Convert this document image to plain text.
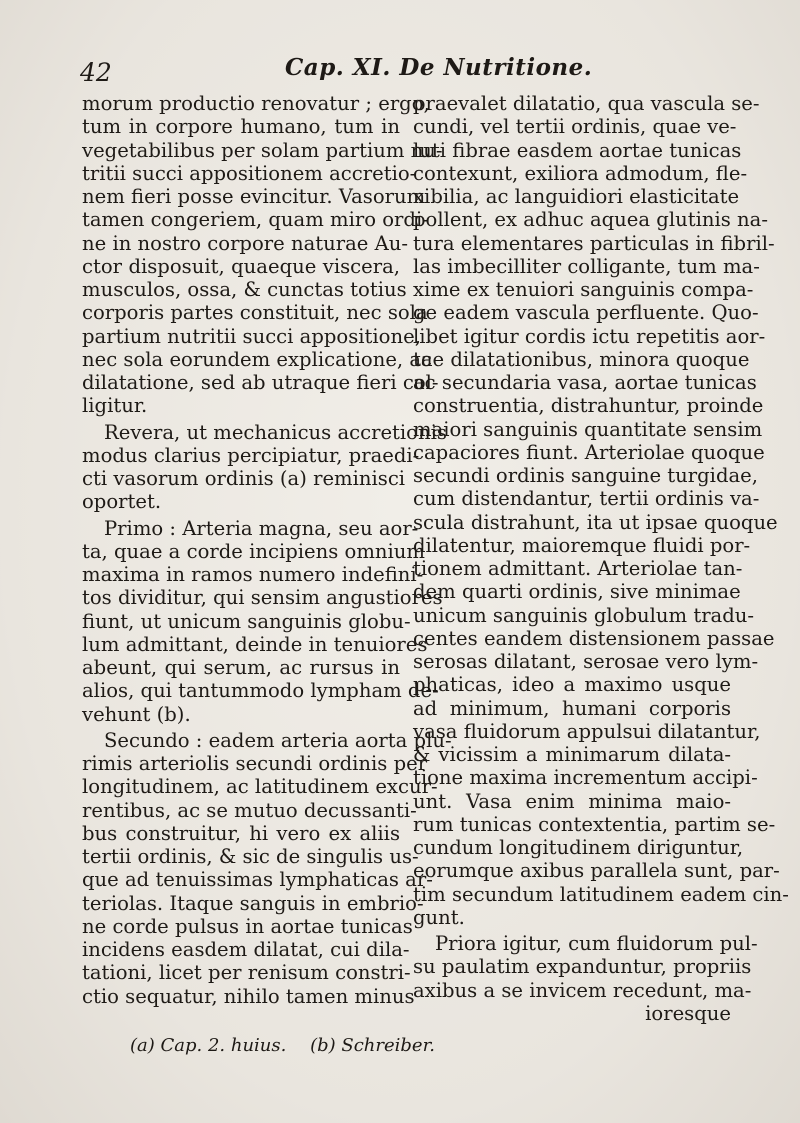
42	Cap. XI. De Nutritione.
morum productio renovatur ; ergo,
tum in corpore humano, tum in
vegetabilibus per solam partium nu-
tritii succi appositionem accretio-
nem fieri posse evincitur. Vasorum
tamen congeriem, quam miro ordi-
ne in nostro corpore naturae Au-
ctor disposuit, quaeque viscera,
musculos, ossa, & cunctas totius
corporis partes constituit, nec sola
partium nutritii succi appositione,
nec sola eorundem explicatione, ac
dilatatione, sed ab utraque fieri col-
ligitur.
Revera, ut mechanicus accretionis
modus clarius percipiatur, praedi-
cti vasorum ordinis (a) reminisci
oportet.
Primo : Arteria magna, seu aor-
ta, quae a corde incipiens omnium
maxima in ramos numero indefini-
tos dividitur, qui sensim angustiores
fiunt, ut unicum sanguinis globu-
lum admittant, deinde in tenuiores
abeunt, qui serum, ac rursus in
alios, qui tantummodo lympham de-
vehunt (b).
Secundo : eadem arteria aorta plu-
rimis arteriolis secundi ordinis per
longitudinem, ac latitudinem excur-
rentibus, ac se mutuo decussanti-
bus construitur, hi vero ex aliis
tertii ordinis, & sic de singulis us-
que ad tenuissimas lymphaticas ar-
teriolas. Itaque sanguis in embrio-
ne corde pulsus in aortae tunicas
incidens easdem dilatat, cui dila-
tationi, licet per renisum constri-
ctio sequatur, nihilo tamen minus
praevalet dilatatio, qua vascula se-
cundi, vel tertii ordinis, quae ve-
luti fibrae easdem aortae tunicas
contexunt, exiliora admodum, fle-
xibilia, ac languidiori elasticitate
pollent, ex adhuc aquea glutinis na-
tura elementares particulas in fibril-
las imbecilliter colligante, tum ma-
xime ex tenuiori sanguinis compa-
ge eadem vascula perfluente. Quo-
libet igitur cordis ictu repetitis aor-
tae dilatationibus, minora quoque
ac secundaria vasa, aortae tunicas
construentia, distrahuntur, proinde
maiori sanguinis quantitate sensim
capaciores fiunt. Arteriolae quoque
secundi ordinis sanguine turgidae,
cum distendantur, tertii ordinis va-
scula distrahunt, ita ut ipsae quoque
dilatentur, maioremque fluidi por-
tionem admittant. Arteriolae tan-
dem quarti ordinis, sive minimae
unicum sanguinis globulum tradu-
centes eandem distensionem passae
serosas dilatant, serosae vero lym-
phaticas, ideo a maximo usque
ad minimum, humani corporis
vasa fluidorum appulsui dilatantur,
& vicissim a minimarum dilata-
tione maxima incrementum accipi-
unt. Vasa enim minima maio-
rum tunicas contextentia, partim se-
cundum longitudinem diriguntur,
eorumque axibus parallela sunt, par-
tim secundum latitudinem eadem cin-
gunt.
Priora igitur, cum fluidorum pul-
su paulatim expanduntur, propriis
axibus a se invicem recedunt, ma-
ioresque
(a) Cap. 2. huius. (b) Schreiber.
